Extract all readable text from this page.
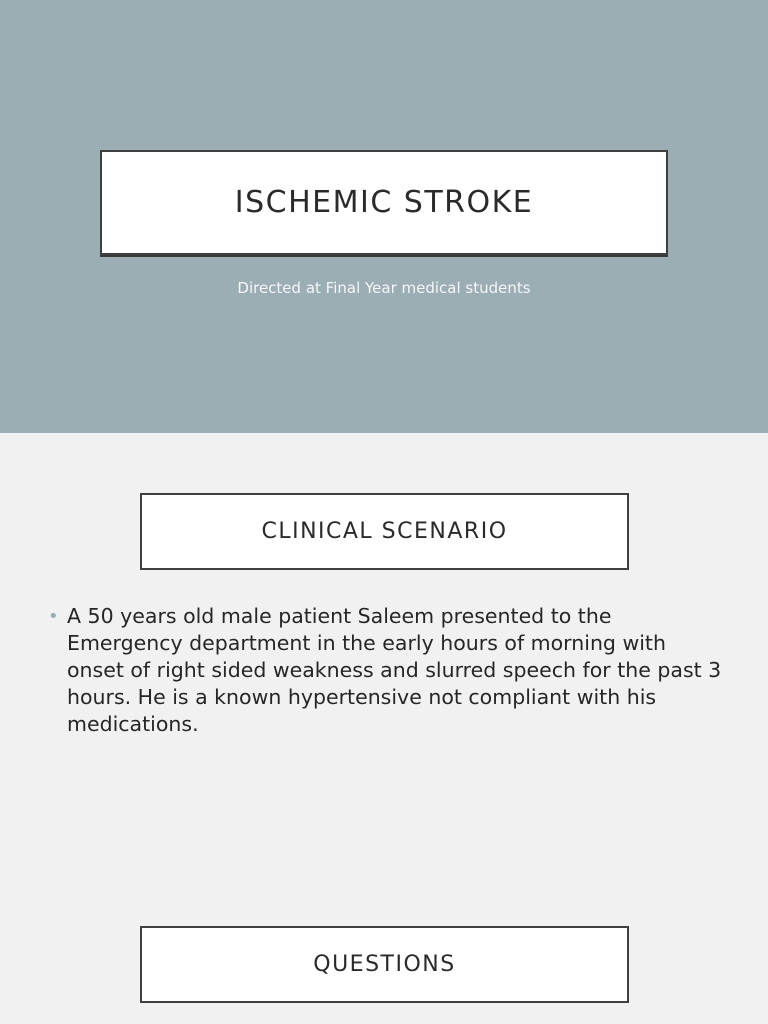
ISCHEMIC STROKE
Directed at Final Year medical students
CLINICAL SCENARIO
• A 50 years old male patient Saleem presented to the Emergency department in the early hours of morning with onset of right sided weakness and slurred speech for the past 3 hours. He is a known hypertensive not compliant with his medications.
QUESTIONS
